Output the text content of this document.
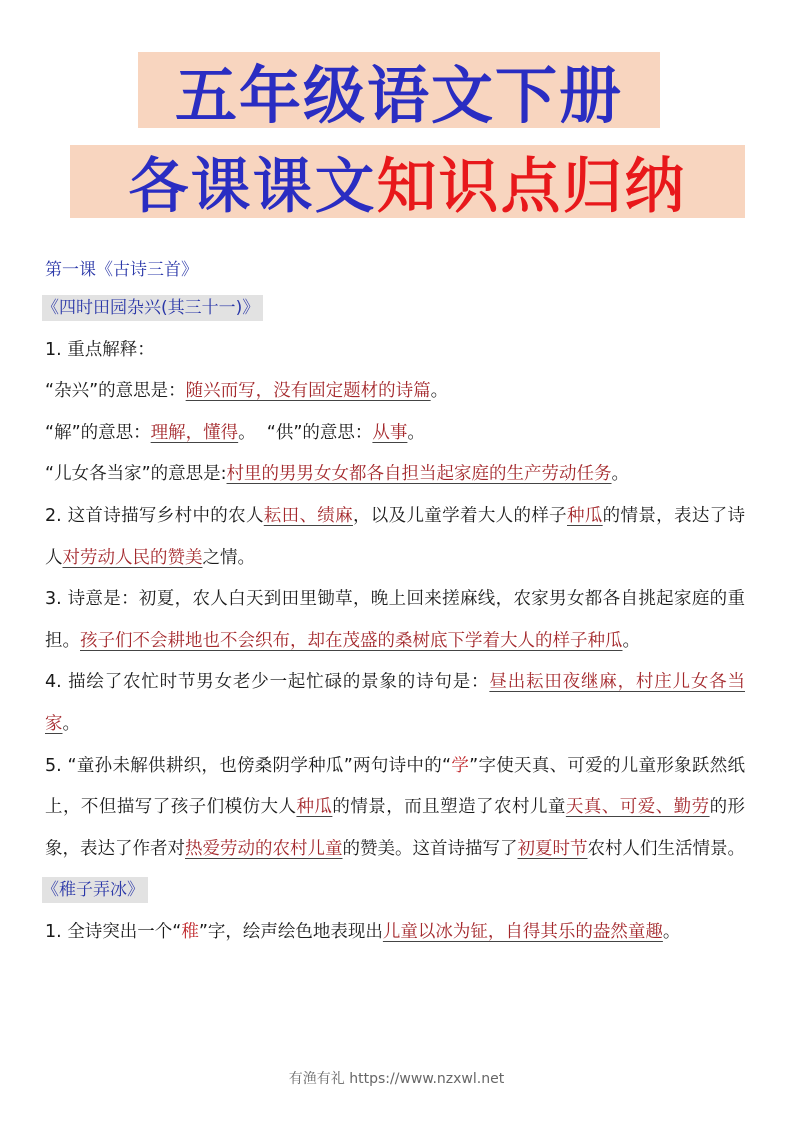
五年级语文下册
各课课文 知识点归纳
第一课《古诗三首》
《四时田园杂兴(其三十一)》

1. 重点解释：

“杂兴”的意思是：随兴而写，没有固定题材的诗篇。

“解”的意思：理解，懂得。  “供”的意思：从事。

“儿女各当家”的意思是:村里的男男女女都各自担当起家庭的生产劳动任务。

2. 这首诗描写乡村中的农人耘田、绩麻，以及儿童学着大人的样子种瓜的情景，表达了诗人对劳动人民的赞美之情。

3. 诗意是：初夏，农人白天到田里锄草，晚上回来搓麻线，农家男女都各自挑起家庭的重担。孩子们不会耕地也不会织布，却在茂盛的桑树底下学着大人的样子种瓜。

4. 描绘了农忙时节男女老少一起忙碌的景象的诗句是：昼出耘田夜继麻，村庄儿女各当家。

5. “童孙未解供耕织，也傍桑阴学种瓜”两句诗中的“学”字使天真、可爱的儿童形象跃然纸上，不但描写了孩子们模仿大人种瓜的情景，而且塑造了农村儿童天真、可爱、勤劳的形象，表达了作者对热爱劳动的农村儿童的赞美。这首诗描写了初夏时节农村人们生活情景。

《稚子弄冰》

1. 全诗突出一个“稚”字，绘声绘色地表现出儿童以冰为钲，自得其乐的盎然童趣。

有渔有礼 https://www.nzxwl.net
